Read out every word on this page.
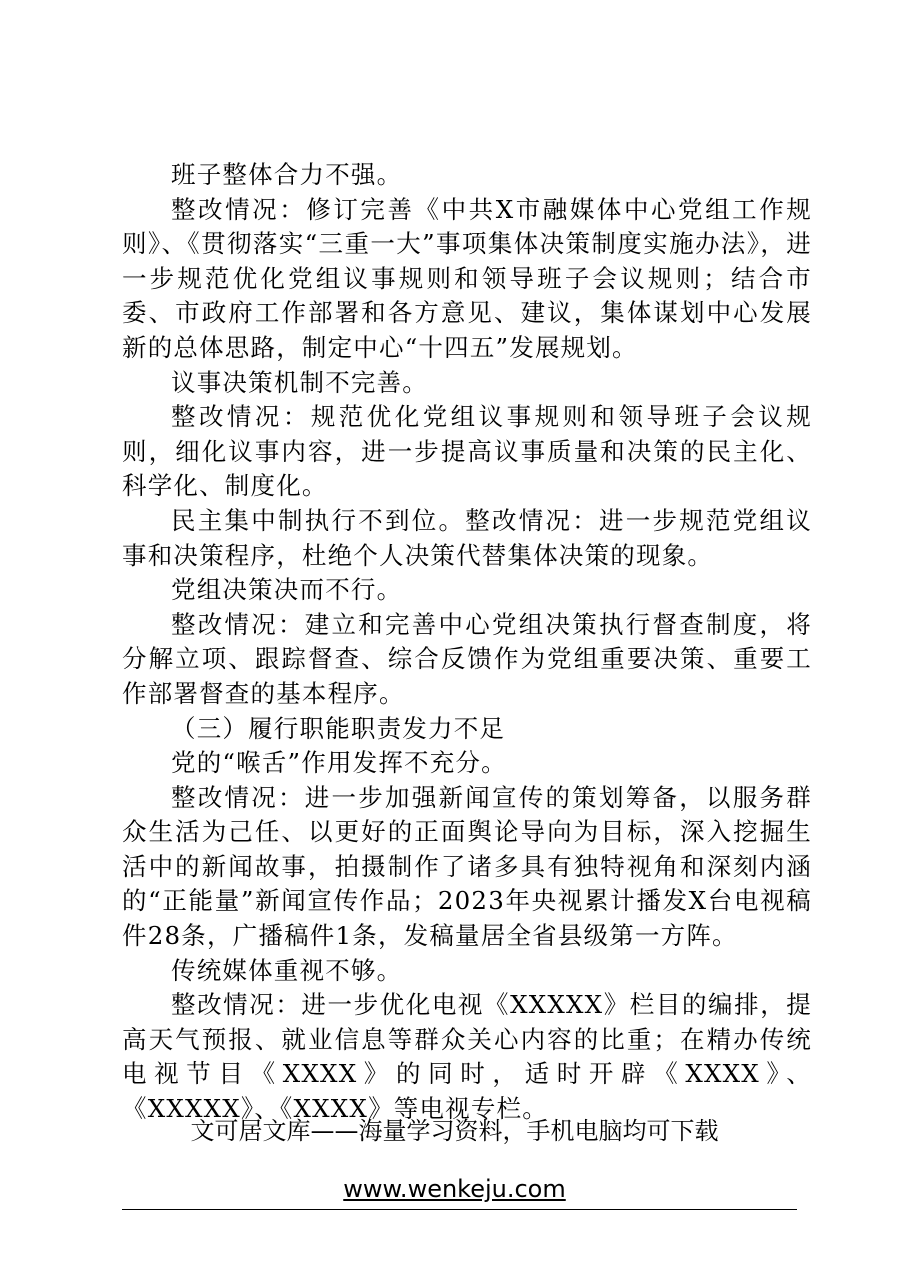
班子整体合力不强。

整改情况：修订完善《中共X市融媒体中心党组工作规则》、《贯彻落实“三重一大”事项集体决策制度实施办法》，进一步规范优化党组议事规则和领导班子会议规则；结合市委、市政府工作部署和各方意见、建议，集体谋划中心发展新的总体思路，制定中心“十四五”发展规划。

议事决策机制不完善。

整改情况：规范优化党组议事规则和领导班子会议规则，细化议事内容，进一步提高议事质量和决策的民主化、科学化、制度化。

民主集中制执行不到位。整改情况：进一步规范党组议事和决策程序，杜绝个人决策代替集体决策的现象。

党组决策决而不行。

整改情况：建立和完善中心党组决策执行督查制度，将分解立项、跟踪督查、综合反馈作为党组重要决策、重要工作部署督查的基本程序。

（三）履行职能职责发力不足

党的“喉舌”作用发挥不充分。

整改情况：进一步加强新闻宣传的策划筹备，以服务群众生活为己任、以更好的正面舆论导向为目标，深入挖掘生活中的新闻故事，拍摄制作了诸多具有独特视角和深刻内涵的“正能量”新闻宣传作品；2023年央视累计播发X台电视稿件28条，广播稿件1条，发稿量居全省县级第一方阵。

传统媒体重视不够。

整改情况：进一步优化电视《XXXXX》栏目的编排，提高天气预报、就业信息等群众关心内容的比重；在精办传统电视节目《XXXX》的同时，适时开辟《XXXX》、《XXXXX》、《XXXX》等电视专栏。

文可居文库——海量学习资料，手机电脑均可下载
www.wenkeju.com
